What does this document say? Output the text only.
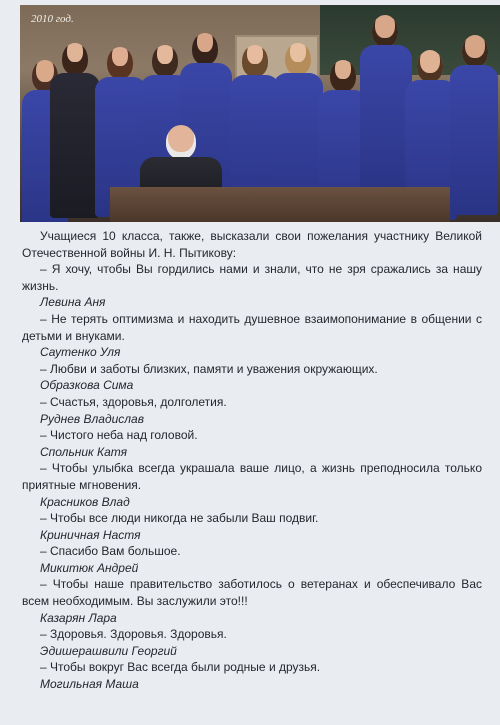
2010 год.

Учащиеся 10 класса, также, высказали свои пожелания участнику Великой Отечественной войны И. Н. Пытикову:

– Я хочу, чтобы Вы гордились нами и знали, что не зря сражались за нашу жизнь.

Левина Аня

– Не терять оптимизма и находить душевное взаимопонимание в общении с детьми и внуками.

Саутенко Уля

– Любви и заботы близких, памяти и уважения окружающих.

Образкова Сима

– Счастья, здоровья, долголетия.

Руднев Владислав

– Чистого неба над головой.

Спольник Катя

– Чтобы улыбка всегда украшала ваше лицо, а жизнь преподносила только приятные мгновения.

Красников Влад

– Чтобы все люди никогда не забыли Ваш подвиг.

Криничная Настя

– Спасибо Вам большое.

Микитюк Андрей

– Чтобы наше правительство заботилось о ветеранах и обеспечивало Вас всем необходимым. Вы заслужили это!!!

Казарян Лара

– Здоровья. Здоровья. Здоровья.

Эдишерашвили Георгий

– Чтобы вокруг Вас всегда были родные и друзья.

Могильная Маша
